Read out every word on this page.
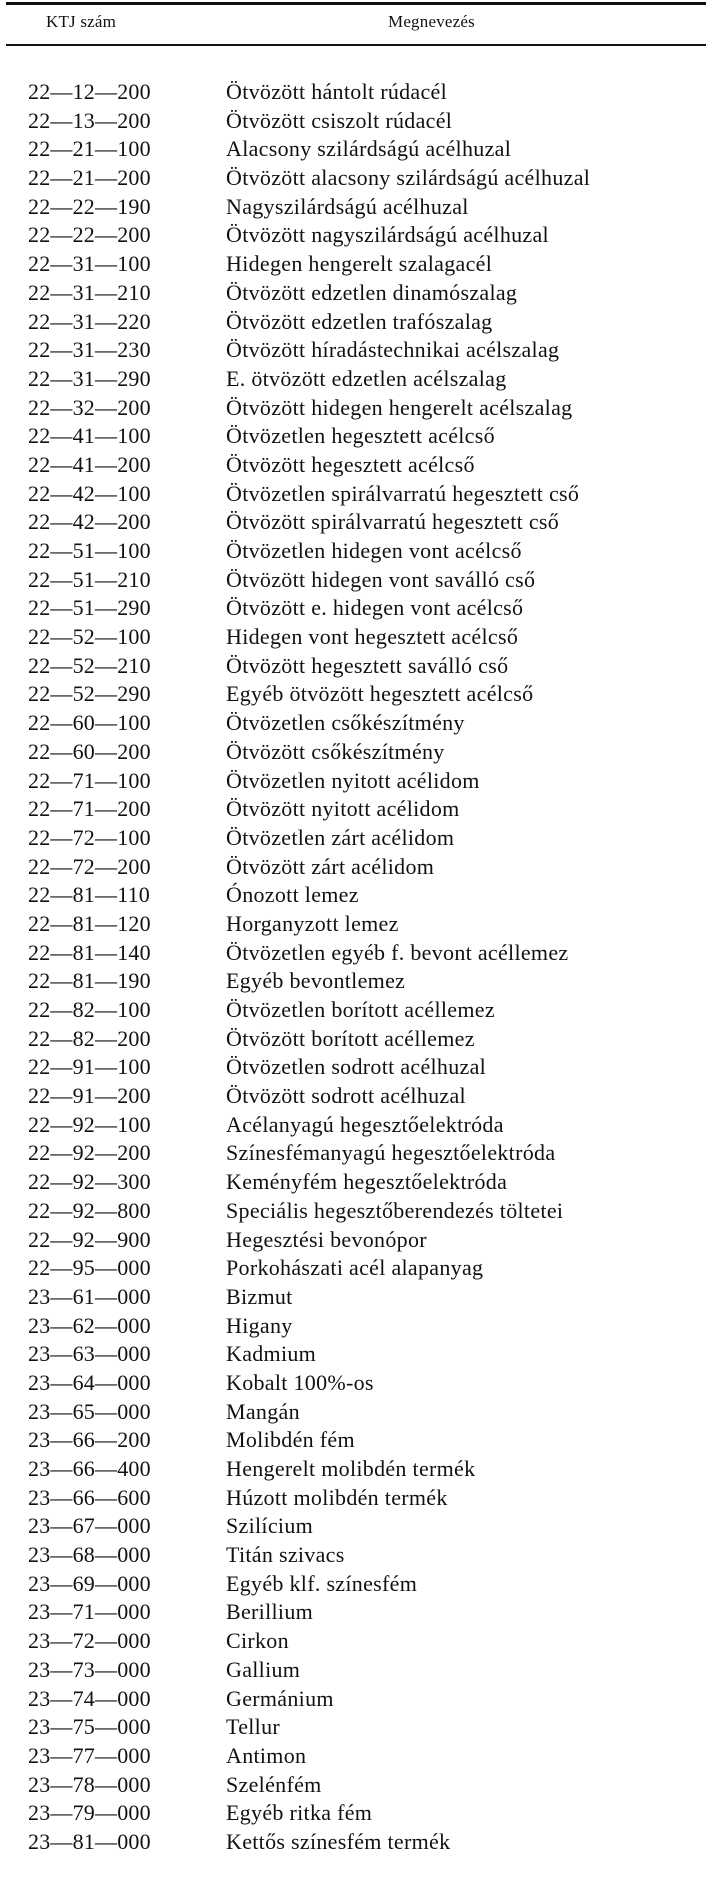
KTJ szám	Megnevezés
22—12—200	Ötvözött hántolt rúdacél
22—13—200	Ötvözött csiszolt rúdacél
22—21—100	Alacsony szilárdságú acélhuzal
22—21—200	Ötvözött alacsony szilárdságú acélhuzal
22—22—190	Nagyszilárdságú acélhuzal
22—22—200	Ötvözött nagyszilárdságú acélhuzal
22—31—100	Hidegen hengerelt szalagacél
22—31—210	Ötvözött edzetlen dinamószalag
22—31—220	Ötvözött edzetlen trafószalag
22—31—230	Ötvözött híradástechnikai acélszalag
22—31—290	E. ötvözött edzetlen acélszalag
22—32—200	Ötvözött hidegen hengerelt acélszalag
22—41—100	Ötvözetlen hegesztett acélcső
22—41—200	Ötvözött hegesztett acélcső
22—42—100	Ötvözetlen spirálvarratú hegesztett cső
22—42—200	Ötvözött spirálvarratú hegesztett cső
22—51—100	Ötvözetlen hidegen vont acélcső
22—51—210	Ötvözött hidegen vont saválló cső
22—51—290	Ötvözött e. hidegen vont acélcső
22—52—100	Hidegen vont hegesztett acélcső
22—52—210	Ötvözött hegesztett saválló cső
22—52—290	Egyéb ötvözött hegesztett acélcső
22—60—100	Ötvözetlen csőkészítmény
22—60—200	Ötvözött csőkészítmény
22—71—100	Ötvözetlen nyitott acélidom
22—71—200	Ötvözött nyitott acélidom
22—72—100	Ötvözetlen zárt acélidom
22—72—200	Ötvözött zárt acélidom
22—81—110	Ónozott lemez
22—81—120	Horganyzott lemez
22—81—140	Ötvözetlen egyéb f. bevont acéllemez
22—81—190	Egyéb bevontlemez
22—82—100	Ötvözetlen borított acéllemez
22—82—200	Ötvözött borított acéllemez
22—91—100	Ötvözetlen sodrott acélhuzal
22—91—200	Ötvözött sodrott acélhuzal
22—92—100	Acélanyagú hegesztőelektróda
22—92—200	Színesfémanyagú hegesztőelektróda
22—92—300	Keményfém hegesztőelektróda
22—92—800	Speciális hegesztőberendezés töltetei
22—92—900	Hegesztési bevonópor
22—95—000	Porkohászati acél alapanyag
23—61—000	Bizmut
23—62—000	Higany
23—63—000	Kadmium
23—64—000	Kobalt 100%-os
23—65—000	Mangán
23—66—200	Molibdén fém
23—66—400	Hengerelt molibdén termék
23—66—600	Húzott molibdén termék
23—67—000	Szilícium
23—68—000	Titán szivacs
23—69—000	Egyéb klf. színesfém
23—71—000	Berillium
23—72—000	Cirkon
23—73—000	Gallium
23—74—000	Germánium
23—75—000	Tellur
23—77—000	Antimon
23—78—000	Szelénfém
23—79—000	Egyéb ritka fém
23—81—000	Kettős színesfém termék
